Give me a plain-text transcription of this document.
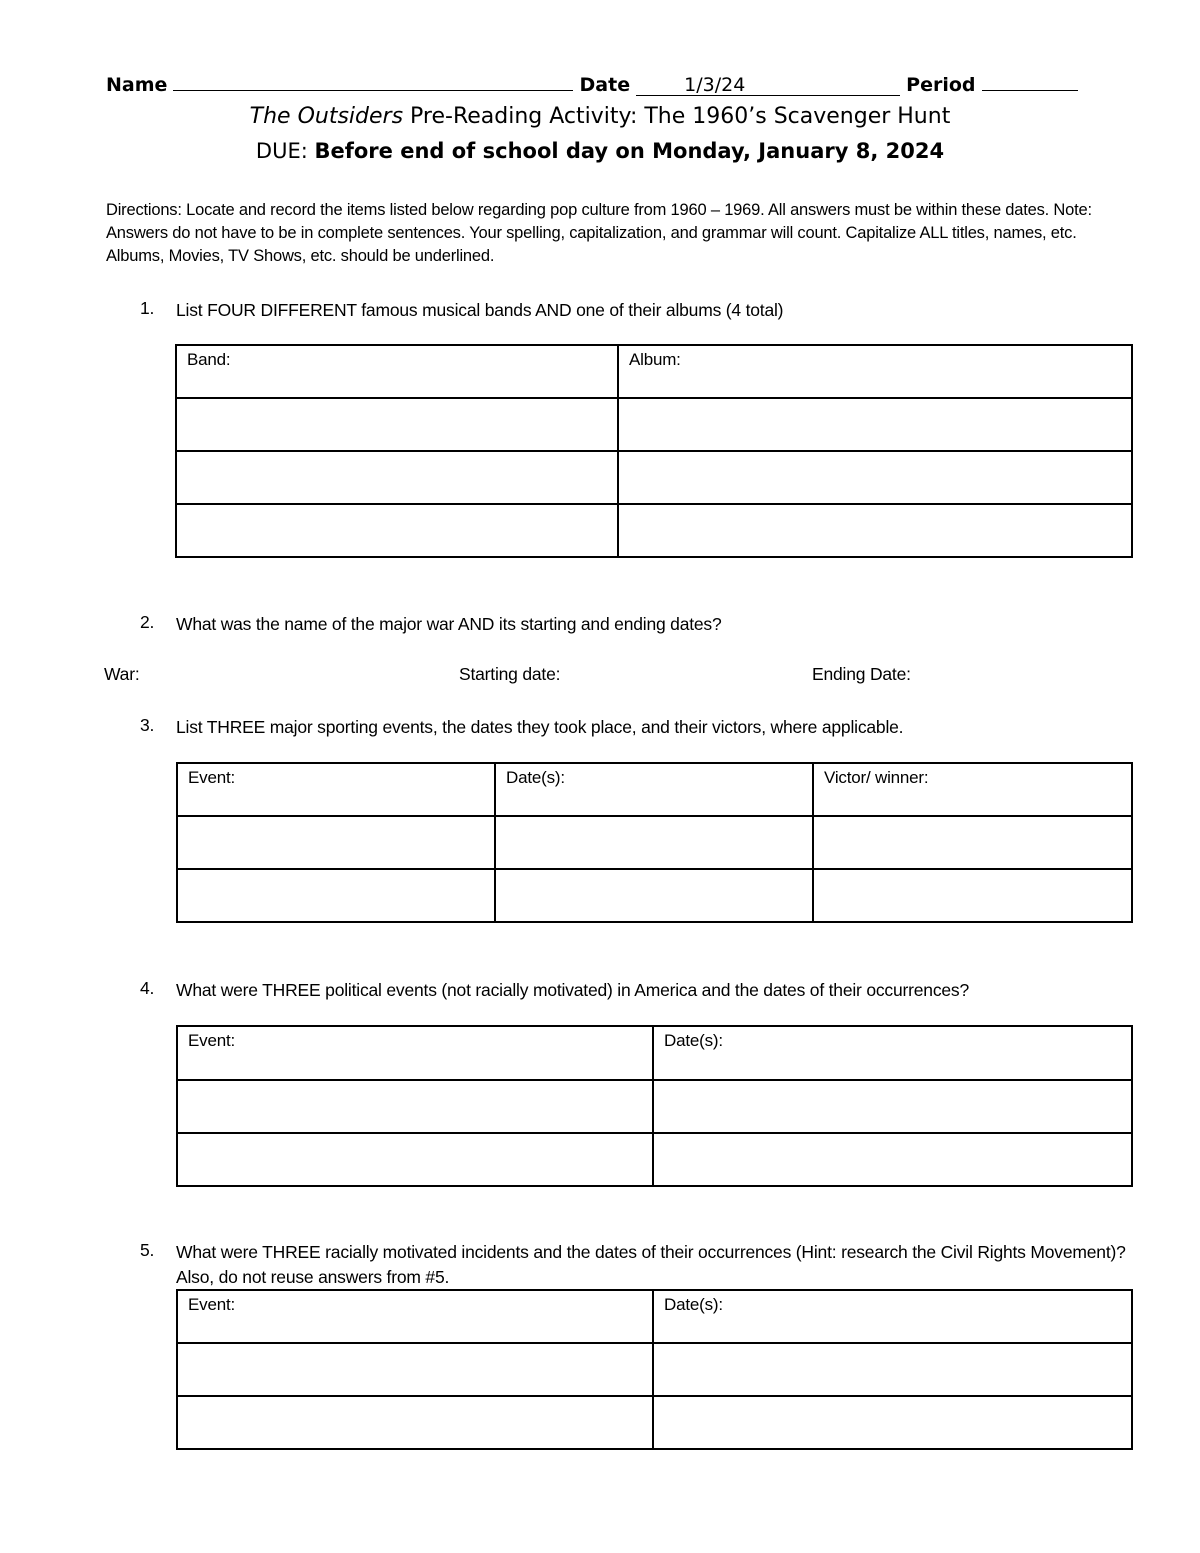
Name	Date	1/3/24	Period
The Outsiders Pre-Reading Activity: The 1960’s Scavenger Hunt
DUE: Before end of school day on Monday, January 8, 2024
Directions: Locate and record the items listed below regarding pop culture from 1960 – 1969. All answers must be within these dates. Note: Answers do not have to be in complete sentences. Your spelling, capitalization, and grammar will count. Capitalize ALL titles, names, etc. Albums, Movies, TV Shows, etc. should be underlined.
1. List FOUR DIFFERENT famous musical bands AND one of their albums (4 total)
Band:	Album:

2. What was the name of the major war AND its starting and ending dates?
War:	Starting date:	Ending Date:
3. List THREE major sporting events, the dates they took place, and their victors, where applicable.
Event:	Date(s):	Victor/ winner:

4. What were THREE political events (not racially motivated) in America and the dates of their occurrences?
Event:	Date(s):

5. What were THREE racially motivated incidents and the dates of their occurrences (Hint: research the Civil Rights Movement)? Also, do not reuse answers from #5.
Event:	Date(s):
